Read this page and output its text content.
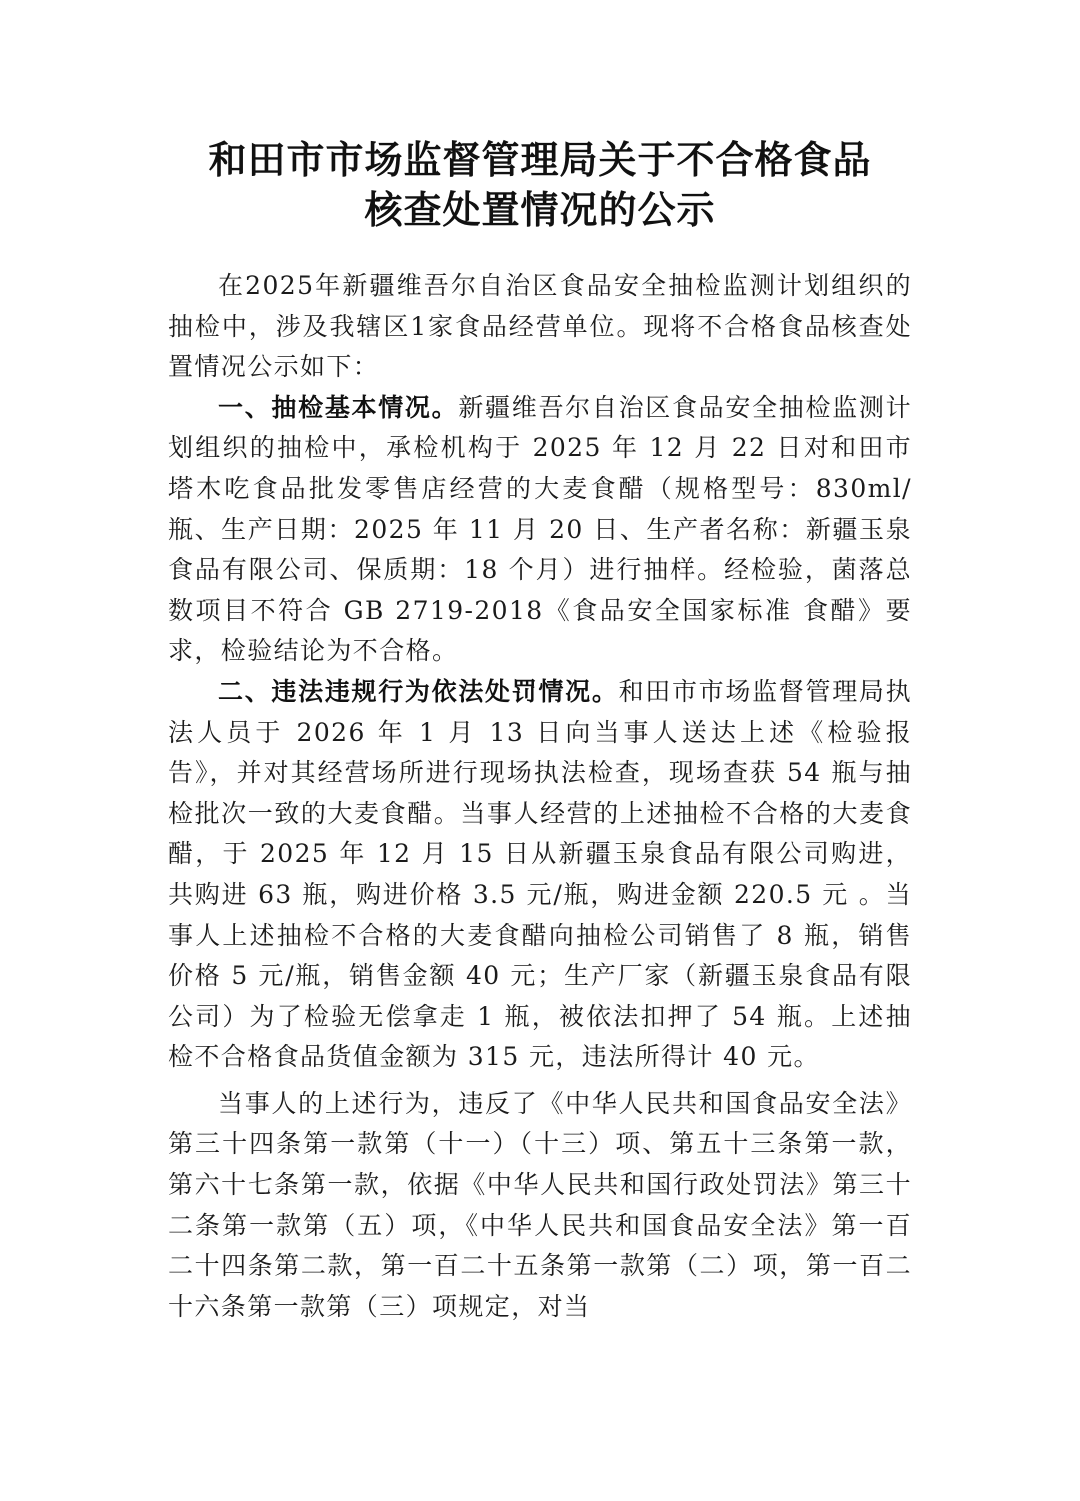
和田市市场监督管理局关于不合格食品
核查处置情况的公示

在2025年新疆维吾尔自治区食品安全抽检监测计划组织的抽检中，涉及我辖区1家食品经营单位。现将不合格食品核查处置情况公示如下：

一、抽检基本情况。新疆维吾尔自治区食品安全抽检监测计划组织的抽检中，承检机构于 2025 年 12 月 22 日对和田市塔木吃食品批发零售店经营的大麦食醋（规格型号：830ml/瓶、生产日期：2025 年 11 月 20 日、生产者名称：新疆玉泉食品有限公司、保质期：18 个月）进行抽样。经检验，菌落总数项目不符合 GB 2719-2018《食品安全国家标准 食醋》要求，检验结论为不合格。

二、违法违规行为依法处罚情况。和田市市场监督管理局执法人员于 2026 年 1 月 13 日向当事人送达上述《检验报告》，并对其经营场所进行现场执法检查，现场查获 54 瓶与抽检批次一致的大麦食醋。当事人经营的上述抽检不合格的大麦食醋，于 2025 年 12 月 15 日从新疆玉泉食品有限公司购进，共购进 63 瓶，购进价格 3.5 元/瓶，购进金额 220.5 元 。当事人上述抽检不合格的大麦食醋向抽检公司销售了 8 瓶，销售价格 5 元/瓶，销售金额 40 元；生产厂家（新疆玉泉食品有限公司）为了检验无偿拿走 1 瓶，被依法扣押了 54 瓶。上述抽检不合格食品货值金额为 315 元，违法所得计 40 元。

当事人的上述行为，违反了《中华人民共和国食品安全法》第三十四条第一款第（十一）（十三）项、第五十三条第一款，第六十七条第一款，依据《中华人民共和国行政处罚法》第三十二条第一款第（五）项，《中华人民共和国食品安全法》第一百二十四条第二款，第一百二十五条第一款第（二）项，第一百二十六条第一款第（三）项规定，对当
